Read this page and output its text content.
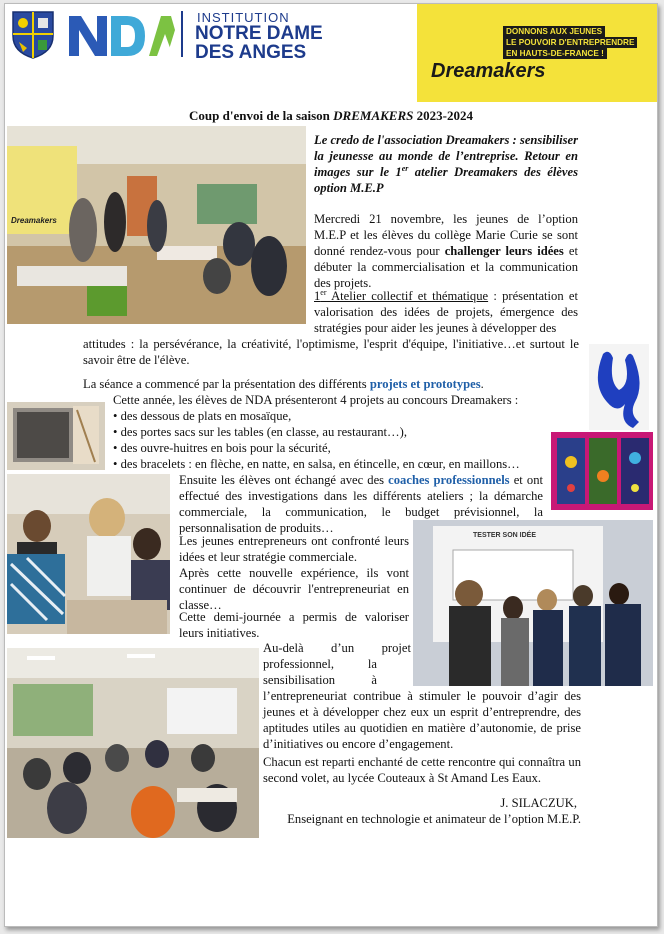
INSTITUTION
NOTRE DAME
DES ANGES
DONNONS AUX JEUNES
LE POUVOIR D'ENTREPRENDRE
EN HAUTS-DE-FRANCE !
Dreamakers
Coup d'envoi de la saison DREMAKERS 2023-2024
Dreamakers
Le credo de l'association Dreamakers : sensibiliser la jeunesse au monde de l’entreprise. Retour en images sur le 1er atelier Dreamakers des élèves option M.E.P
Mercredi 21 novembre, les jeunes de l’option M.E.P et les élèves du collège Marie Curie se sont donné rendez-vous pour challenger leurs idées et débuter la commercialisation et la communication des projets.
1er Atelier collectif et thématique : présentation et valorisation des idées de projets, émergence des stratégies pour aider les jeunes à développer des
attitudes : la persévérance, la créativité, l'optimisme, l'esprit d'équipe, l'initiative…et surtout le savoir être de l'élève.
La séance a commencé par la présentation des différents projets et prototypes.
Cette année, les élèves de NDA présenteront 4 projets au concours Dreamakers :
• des dessous de plats en mosaïque,
• des portes sacs sur les tables (en classe, au restaurant…),
• des ouvre-huitres en bois pour la sécurité,
• des bracelets : en flèche, en natte, en salsa, en étincelle, en cœur, en maillons…
Ensuite les élèves ont échangé avec des coaches professionnels et ont effectué des investigations dans les différents ateliers ; la démarche commerciale, la communication, le budget prévisionnel, la personnalisation de produits…
Les jeunes entrepreneurs ont confronté leurs idées et leur stratégie commerciale.
Après cette nouvelle expérience, ils vont continuer de découvrir l'entrepreneuriat en classe…
Cette demi-journée a permis de valoriser leurs initiatives.
TESTER SON IDÉE
Au-delà d’un projet
professionnel,	la
sensibilisation	à
l’entrepreneuriat contribue à stimuler le pouvoir d’agir des jeunes et à développer chez eux un esprit d’entreprendre, des aptitudes utiles au quotidien en matière d’autonomie, de prise d’initiatives ou encore d’engagement.
Chacun est reparti enchanté de cette rencontre qui connaîtra un second volet, au lycée Couteaux à St Amand Les Eaux.
J. SILACZUK,
Enseignant en technologie et animateur de l’option M.E.P.
